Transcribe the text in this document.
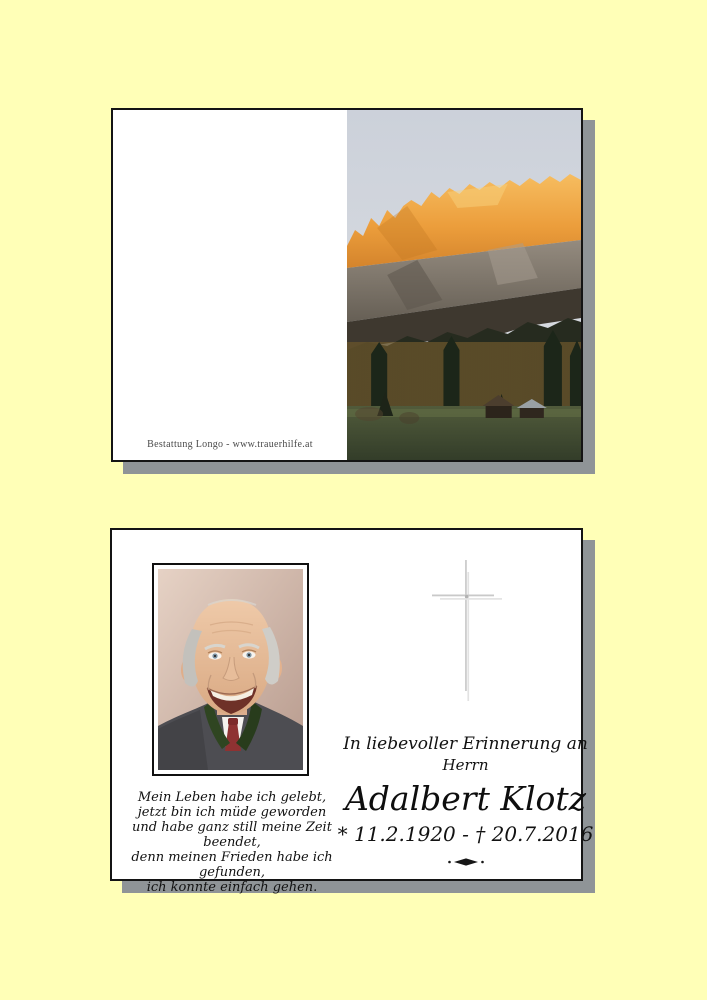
Bestattung Longo - www.trauerhilfe.at
Mein Leben habe ich gelebt,
jetzt bin ich müde geworden
und habe ganz still meine Zeit beendet,
denn meinen Frieden habe ich gefunden,
ich konnte einfach gehen.
In liebevoller Erinnerung an
Herrn
Adalbert Klotz
* 11.2.1920 - † 20.7.2016
